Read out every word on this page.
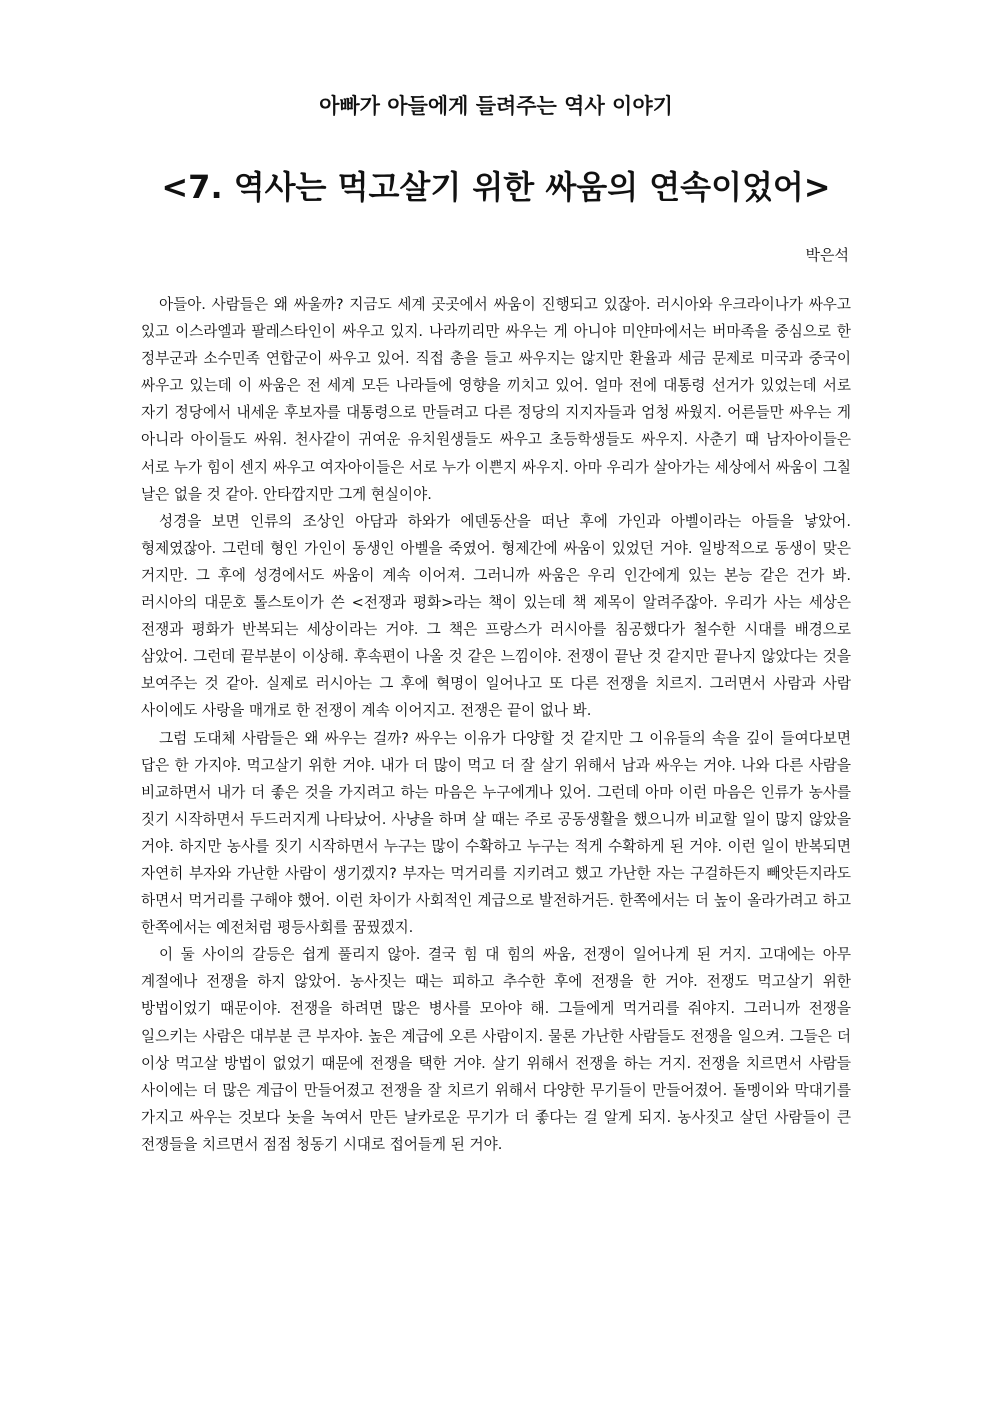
아빠가 아들에게 들려주는 역사 이야기
<7. 역사는 먹고살기 위한 싸움의 연속이었어>
박은석

아들아. 사람들은 왜 싸울까? 지금도 세계 곳곳에서 싸움이 진행되고 있잖아. 러시아와 우크라이나가 싸우고 있고 이스라엘과 팔레스타인이 싸우고 있지. 나라끼리만 싸우는 게 아니야 미얀마에서는 버마족을 중심으로 한 정부군과 소수민족 연합군이 싸우고 있어. 직접 총을 들고 싸우지는 않지만 환율과 세금 문제로 미국과 중국이 싸우고 있는데 이 싸움은 전 세계 모든 나라들에 영향을 끼치고 있어. 얼마 전에 대통령 선거가 있었는데 서로 자기 정당에서 내세운 후보자를 대통령으로 만들려고 다른 정당의 지지자들과 엄청 싸웠지. 어른들만 싸우는 게 아니라 아이들도 싸워. 천사같이 귀여운 유치원생들도 싸우고 초등학생들도 싸우지. 사춘기 때 남자아이들은 서로 누가 힘이 센지 싸우고 여자아이들은 서로 누가 이쁜지 싸우지. 아마 우리가 살아가는 세상에서 싸움이 그칠 날은 없을 것 같아. 안타깝지만 그게 현실이야.

성경을 보면 인류의 조상인 아담과 하와가 에덴동산을 떠난 후에 가인과 아벨이라는 아들을 낳았어. 형제였잖아. 그런데 형인 가인이 동생인 아벨을 죽였어. 형제간에 싸움이 있었던 거야. 일방적으로 동생이 맞은 거지만. 그 후에 성경에서도 싸움이 계속 이어져. 그러니까 싸움은 우리 인간에게 있는 본능 같은 건가 봐. 러시아의 대문호 톨스토이가 쓴 <전쟁과 평화>라는 책이 있는데 책 제목이 알려주잖아. 우리가 사는 세상은 전쟁과 평화가 반복되는 세상이라는 거야. 그 책은 프랑스가 러시아를 침공했다가 철수한 시대를 배경으로 삼았어. 그런데 끝부분이 이상해. 후속편이 나올 것 같은 느낌이야. 전쟁이 끝난 것 같지만 끝나지 않았다는 것을 보여주는 것 같아. 실제로 러시아는 그 후에 혁명이 일어나고 또 다른 전쟁을 치르지. 그러면서 사람과 사람 사이에도 사랑을 매개로 한 전쟁이 계속 이어지고. 전쟁은 끝이 없나 봐.

그럼 도대체 사람들은 왜 싸우는 걸까? 싸우는 이유가 다양할 것 같지만 그 이유들의 속을 깊이 들여다보면 답은 한 가지야. 먹고살기 위한 거야. 내가 더 많이 먹고 더 잘 살기 위해서 남과 싸우는 거야. 나와 다른 사람을 비교하면서 내가 더 좋은 것을 가지려고 하는 마음은 누구에게나 있어. 그런데 아마 이런 마음은 인류가 농사를 짓기 시작하면서 두드러지게 나타났어. 사냥을 하며 살 때는 주로 공동생활을 했으니까 비교할 일이 많지 않았을 거야. 하지만 농사를 짓기 시작하면서 누구는 많이 수확하고 누구는 적게 수확하게 된 거야. 이런 일이 반복되면 자연히 부자와 가난한 사람이 생기겠지? 부자는 먹거리를 지키려고 했고 가난한 자는 구걸하든지 빼앗든지라도 하면서 먹거리를 구해야 했어. 이런 차이가 사회적인 계급으로 발전하거든. 한쪽에서는 더 높이 올라가려고 하고 한쪽에서는 예전처럼 평등사회를 꿈꿨겠지.

이 둘 사이의 갈등은 쉽게 풀리지 않아. 결국 힘 대 힘의 싸움, 전쟁이 일어나게 된 거지. 고대에는 아무 계절에나 전쟁을 하지 않았어. 농사짓는 때는 피하고 추수한 후에 전쟁을 한 거야. 전쟁도 먹고살기 위한 방법이었기 때문이야. 전쟁을 하려면 많은 병사를 모아야 해. 그들에게 먹거리를 줘야지. 그러니까 전쟁을 일으키는 사람은 대부분 큰 부자야. 높은 계급에 오른 사람이지. 물론 가난한 사람들도 전쟁을 일으켜. 그들은 더 이상 먹고살 방법이 없었기 때문에 전쟁을 택한 거야. 살기 위해서 전쟁을 하는 거지. 전쟁을 치르면서 사람들 사이에는 더 많은 계급이 만들어졌고 전쟁을 잘 치르기 위해서 다양한 무기들이 만들어졌어. 돌멩이와 막대기를 가지고 싸우는 것보다 놋을 녹여서 만든 날카로운 무기가 더 좋다는 걸 알게 되지. 농사짓고 살던 사람들이 큰 전쟁들을 치르면서 점점 청동기 시대로 접어들게 된 거야.
